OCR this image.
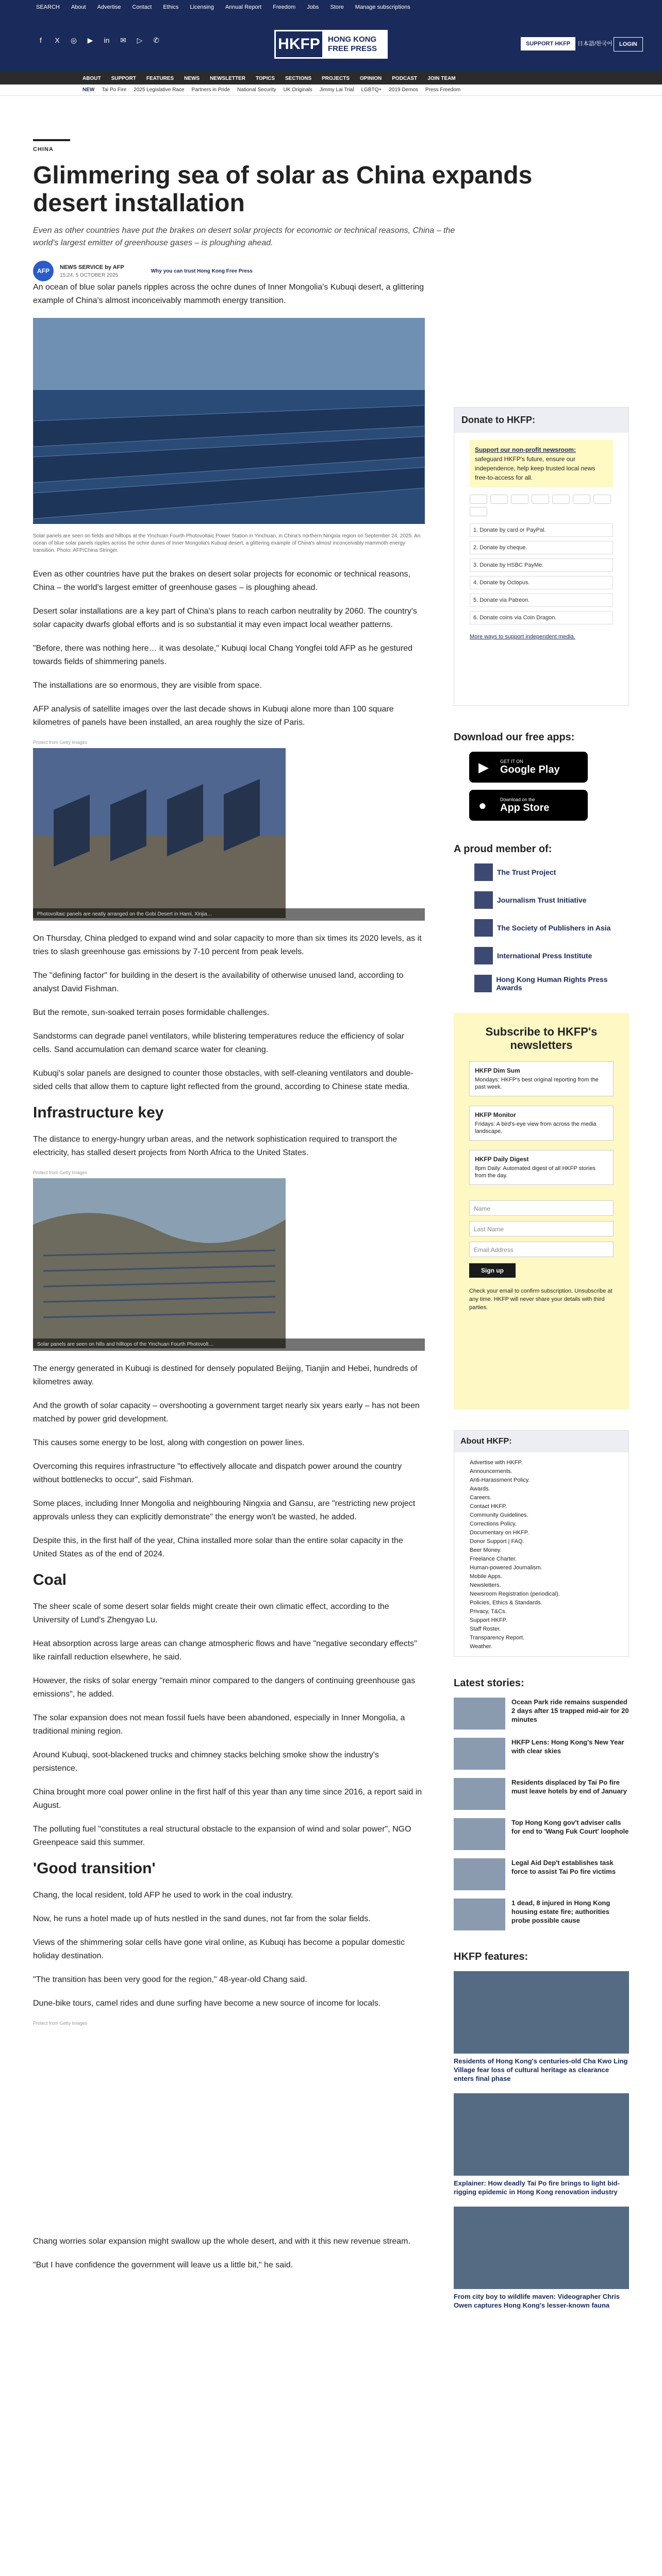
SEARCH About Advertise Contact Ethics Licensing Annual Report Freedom Jobs Store Manage subscriptions
f	X	◎ ▶ in ✉ ▷ ✆	HKFP	HONG KONG FREE PRESS
SUPPORT HKFP	日本語/한국어	LOGIN
ABOUT SUPPORT FEATURES NEWS NEWSLETTER TOPICS SECTIONS PROJECTS OPINION PODCAST JOIN TEAM
NEW Tai Po Fire 2025 Legislative Race Partners in Pride National Security UK Originals Jimmy Lai Trial LGBTQ+ 2019 Demos Press Freedom
CHINA
Glimmering sea of solar as China expands desert installation
Even as other countries have put the brakes on desert solar projects for economic or technical reasons, China – the world's largest emitter of greenhouse gases – is ploughing ahead.
AFP
NEWS SERVICE by AFP
15:24, 5 OCTOBER 2025
Why you can trust Hong Kong Free Press

An ocean of blue solar panels ripples across the ochre dunes of Inner Mongolia's Kubuqi desert, a glittering example of China's almost inconceivably mammoth energy transition.

Solar panels are seen on fields and hilltops at the Yinchuan Fourth Photovoltaic Power Station in Yinchuan, in China's northern Ningxia region on September 24, 2025. An ocean of blue solar panels ripples across the ochre dunes of Inner Mongolia's Kubuqi desert, a glittering example of China's almost inconceivably mammoth energy transition. Photo: AFP/China Stringer.

Even as other countries have put the brakes on desert solar projects for economic or technical reasons, China – the world's largest emitter of greenhouse gases – is ploughing ahead.

Desert solar installations are a key part of China's plans to reach carbon neutrality by 2060. The country's solar capacity dwarfs global efforts and is so substantial it may even impact local weather patterns.

"Before, there was nothing here… it was desolate," Kubuqi local Chang Yongfei told AFP as he gestured towards fields of shimmering panels.

The installations are so enormous, they are visible from space.

AFP analysis of satellite images over the last decade shows in Kubuqi alone more than 100 square kilometres of panels have been installed, an area roughly the size of Paris.

Protect from Getty Images
Photovoltaic panels are neatly arranged on the Gobi Desert in Hami, Xinjia…

On Thursday, China pledged to expand wind and solar capacity to more than six times its 2020 levels, as it tries to slash greenhouse gas emissions by 7-10 percent from peak levels.

The "defining factor" for building in the desert is the availability of otherwise unused land, according to analyst David Fishman.

But the remote, sun-soaked terrain poses formidable challenges.

Sandstorms can degrade panel ventilators, while blistering temperatures reduce the efficiency of solar cells. Sand accumulation can demand scarce water for cleaning.

Kubuqi's solar panels are designed to counter those obstacles, with self-cleaning ventilators and double-sided cells that allow them to capture light reflected from the ground, according to Chinese state media.

Infrastructure key

The distance to energy-hungry urban areas, and the network sophistication required to transport the electricity, has stalled desert projects from North Africa to the United States.

Protect from Getty Images
Solar panels are seen on hills and hilltops of the Yinchuan Fourth Photovolt…

The energy generated in Kubuqi is destined for densely populated Beijing, Tianjin and Hebei, hundreds of kilometres away.

And the growth of solar capacity – overshooting a government target nearly six years early – has not been matched by power grid development.

This causes some energy to be lost, along with congestion on power lines.

Overcoming this requires infrastructure "to effectively allocate and dispatch power around the country without bottlenecks to occur", said Fishman.

Some places, including Inner Mongolia and neighbouring Ningxia and Gansu, are "restricting new project approvals unless they can explicitly demonstrate" the energy won't be wasted, he added.

Despite this, in the first half of the year, China installed more solar than the entire solar capacity in the United States as of the end of 2024.

Coal

The sheer scale of some desert solar fields might create their own climatic effect, according to the University of Lund's Zhengyao Lu.

Heat absorption across large areas can change atmospheric flows and have "negative secondary effects" like rainfall reduction elsewhere, he said.

However, the risks of solar energy "remain minor compared to the dangers of continuing greenhouse gas emissions", he added.

The solar expansion does not mean fossil fuels have been abandoned, especially in Inner Mongolia, a traditional mining region.

Around Kubuqi, soot-blackened trucks and chimney stacks belching smoke show the industry's persistence.

China brought more coal power online in the first half of this year than any time since 2016, a report said in August.

The polluting fuel "constitutes a real structural obstacle to the expansion of wind and solar power", NGO Greenpeace said this summer.

'Good transition'

Chang, the local resident, told AFP he used to work in the coal industry.

Now, he runs a hotel made up of huts nestled in the sand dunes, not far from the solar fields.

Views of the shimmering solar cells have gone viral online, as Kubuqi has become a popular domestic holiday destination.

"The transition has been very good for the region," 48-year-old Chang said.

Dune-bike tours, camel rides and dune surfing have become a new source of income for locals.

Protect from Getty Images

Chang worries solar expansion might swallow up the whole desert, and with it this new revenue stream.

"But I have confidence the government will leave us a little bit," he said.

Donate to HKFP:
Support our non-profit newsroom:
safeguard HKFP's future, ensure our independence, help keep trusted local news free-to-access for all.
1. Donate by card or PayPal.
2. Donate by cheque.
3. Donate by HSBC PayMe.
4. Donate by Octopus.
5. Donate via Patreon.
6. Donate coins via Coin Dragon.
More ways to support independent media.
Download our free apps:
▶ GET IT ON
Google Play
●	Download on the
App Store
A proud member of:
The Trust Project
Journalism Trust Initiative
The Society of Publishers in Asia
International Press Institute
Hong Kong Human Rights Press Awards
Subscribe to HKFP's newsletters
HKFP Dim Sum
Mondays: HKFP's best original reporting from the past week.
HKFP Monitor
Fridays: A bird's-eye view from across the media landscape.
HKFP Daily Digest
8pm Daily: Automated digest of all HKFP stories from the day.
Name
Last Name
Email Address
Sign up
Check your email to confirm subscription. Unsubscribe at any time. HKFP will never share your details with third parties.
About HKFP:
Advertise with HKFP.
Announcements.
Anti-Harassment Policy.
Awards.
Careers.
Contact HKFP.
Community Guidelines.
Corrections Policy.
Documentary on HKFP.
Donor Support | FAQ.
Beer Money.
Freelance Charter.
Human-powered Journalism.
Mobile Apps.
Newsletters.
Newsroom Registration (periodical).
Policies, Ethics & Standards.
Privacy, T&Cs.
Support HKFP.
Staff Roster.
Transparency Report.
Weather.
Latest stories:
Ocean Park ride remains suspended 2 days after 15 trapped mid-air for 20 minutes
HKFP Lens: Hong Kong's New Year with clear skies
Residents displaced by Tai Po fire must leave hotels by end of January
Top Hong Kong gov't adviser calls for end to 'Wang Fuk Court' loophole
Legal Aid Dep't establishes task force to assist Tai Po fire victims
1 dead, 8 injured in Hong Kong housing estate fire; authorities probe possible cause
HKFP features:
Residents of Hong Kong's centuries-old Cha Kwo Ling Village fear loss of cultural heritage as clearance enters final phase
Explainer: How deadly Tai Po fire brings to light bid-rigging epidemic in Hong Kong renovation industry
From city boy to wildlife maven: Videographer Chris Owen captures Hong Kong's lesser-known fauna
